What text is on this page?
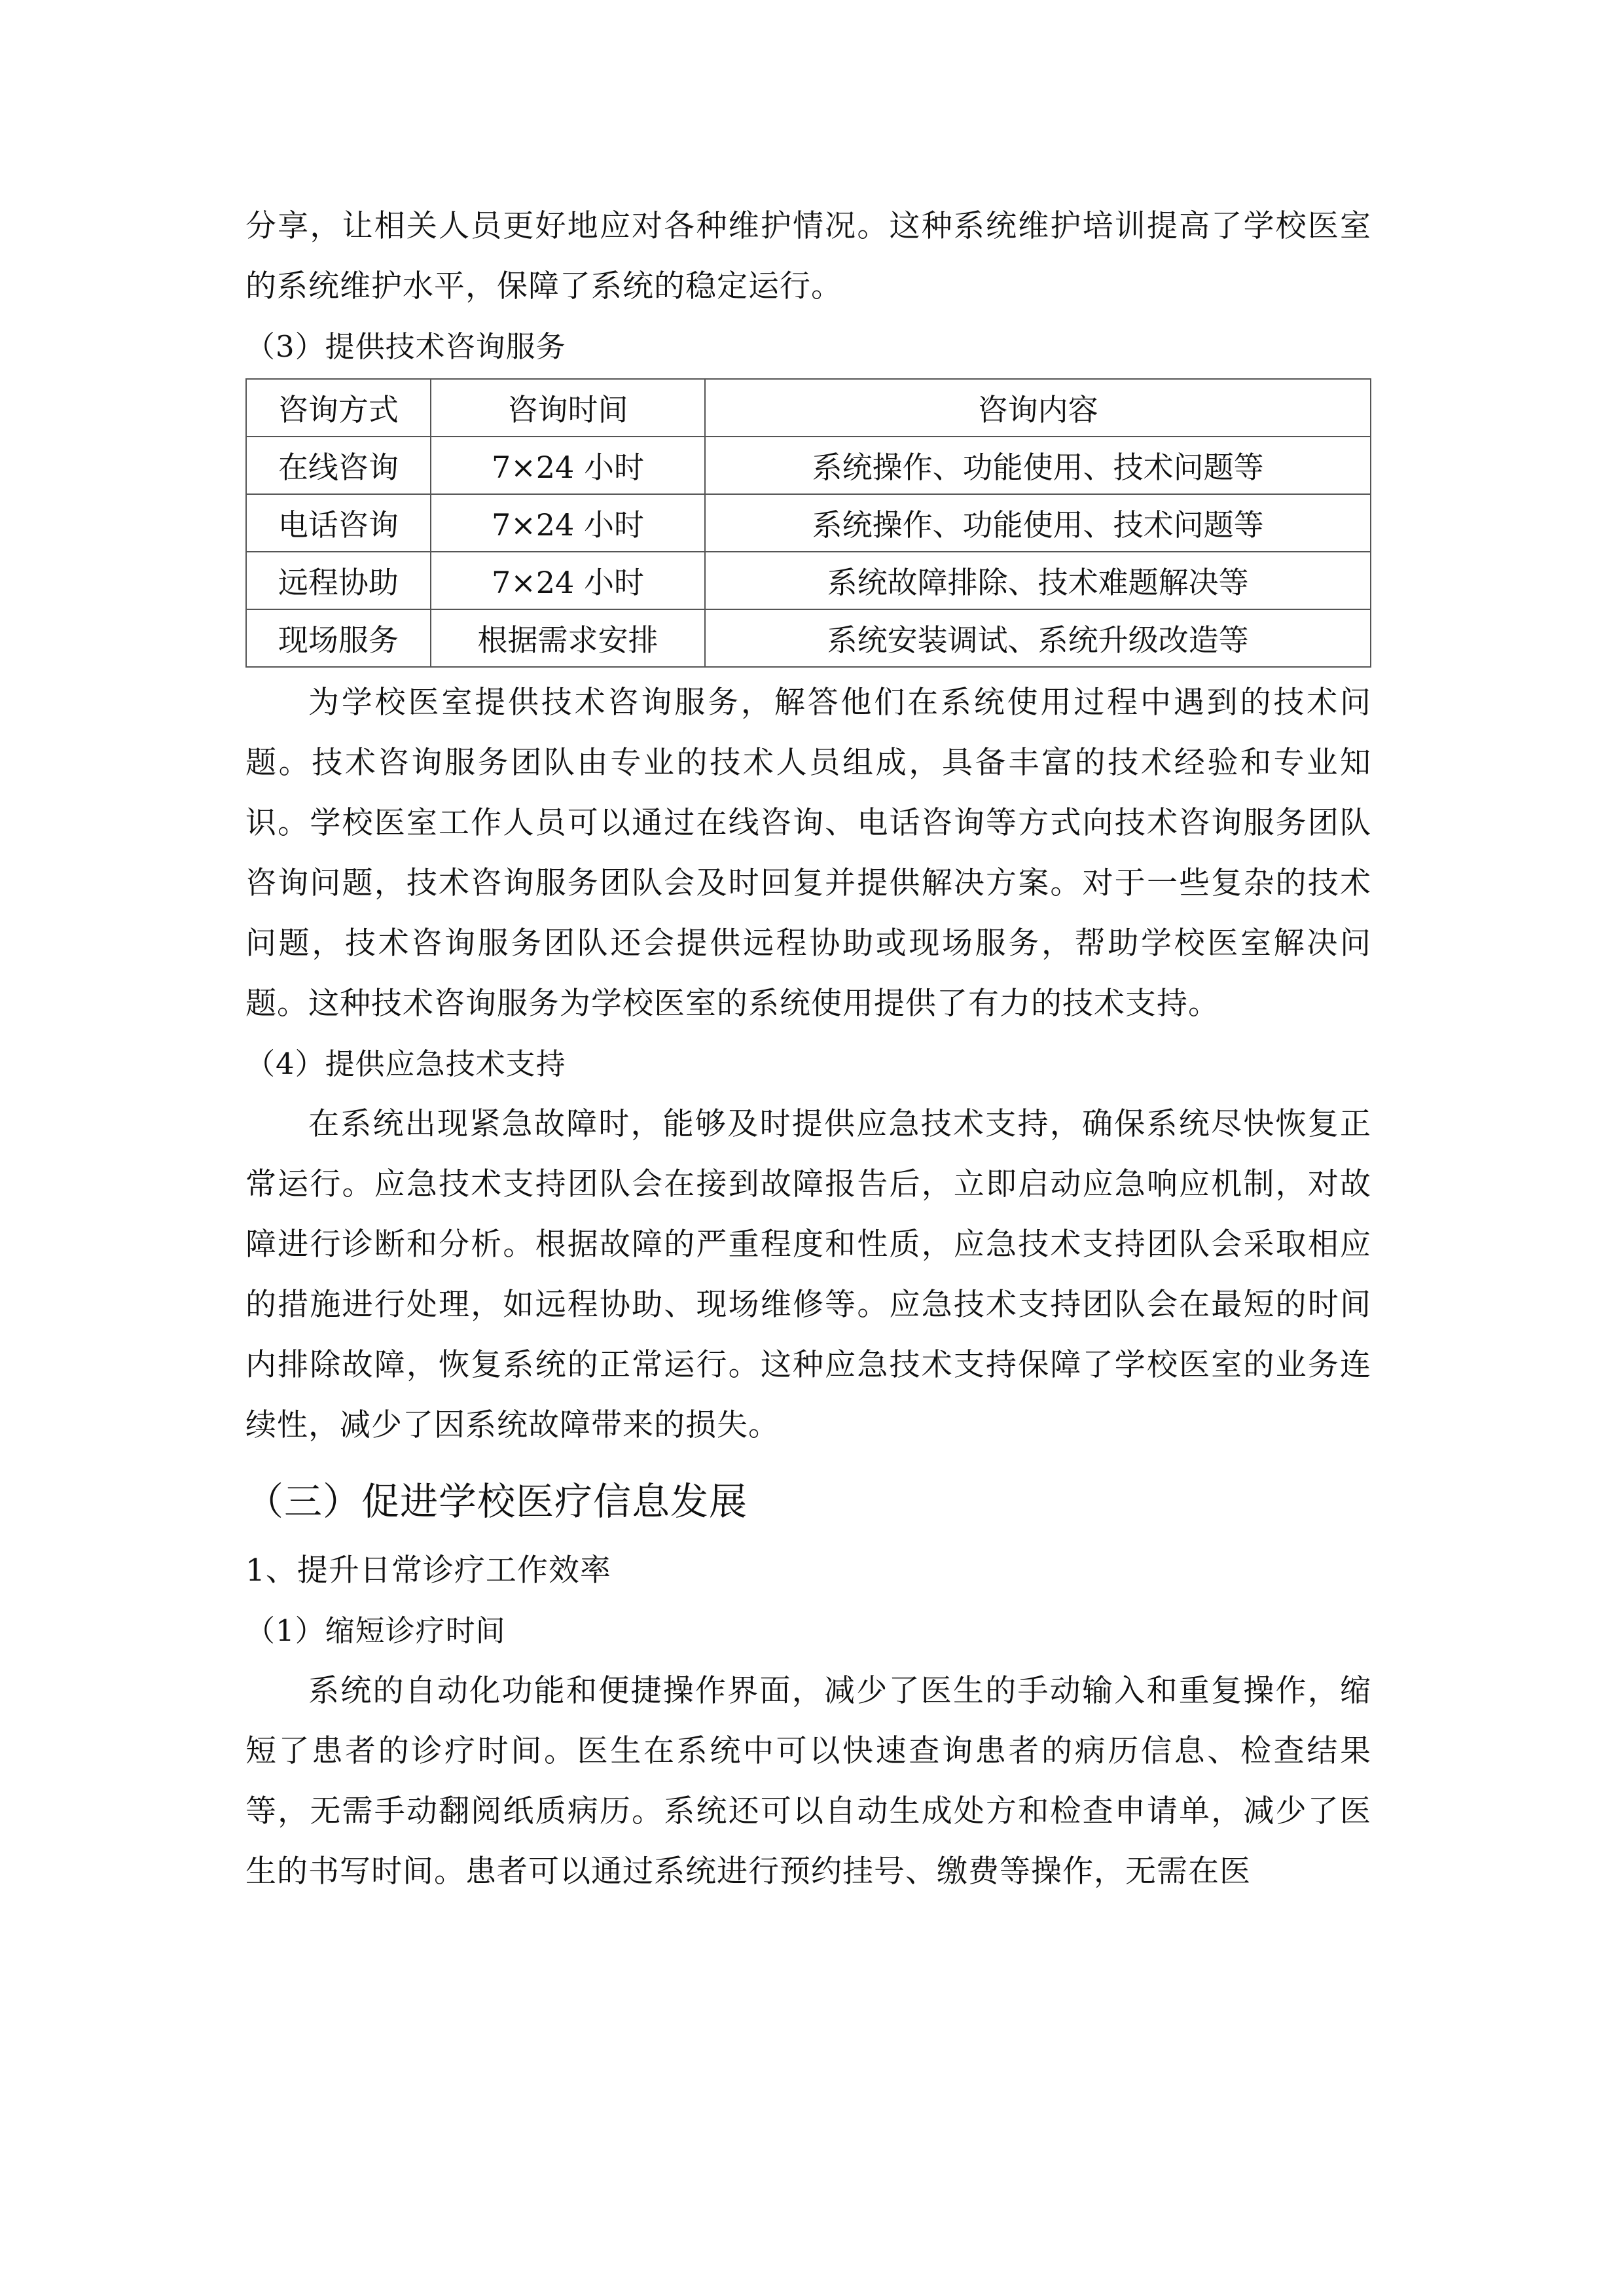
分享，让相关人员更好地应对各种维护情况。这种系统维护培训提高了学校医室的系统维护水平，保障了系统的稳定运行。

（3）提供技术咨询服务

咨询方式	咨询时间	咨询内容
在线咨询	7×24 小时	系统操作、功能使用、技术问题等
电话咨询	7×24 小时	系统操作、功能使用、技术问题等
远程协助	7×24 小时	系统故障排除、技术难题解决等
现场服务	根据需求安排	系统安装调试、系统升级改造等

为学校医室提供技术咨询服务，解答他们在系统使用过程中遇到的技术问题。技术咨询服务团队由专业的技术人员组成，具备丰富的技术经验和专业知识。学校医室工作人员可以通过在线咨询、电话咨询等方式向技术咨询服务团队咨询问题，技术咨询服务团队会及时回复并提供解决方案。对于一些复杂的技术问题，技术咨询服务团队还会提供远程协助或现场服务，帮助学校医室解决问题。这种技术咨询服务为学校医室的系统使用提供了有力的技术支持。

（4）提供应急技术支持

在系统出现紧急故障时，能够及时提供应急技术支持，确保系统尽快恢复正常运行。应急技术支持团队会在接到故障报告后，立即启动应急响应机制，对故障进行诊断和分析。根据故障的严重程度和性质，应急技术支持团队会采取相应的措施进行处理，如远程协助、现场维修等。应急技术支持团队会在最短的时间内排除故障，恢复系统的正常运行。这种应急技术支持保障了学校医室的业务连续性，减少了因系统故障带来的损失。

（三）促进学校医疗信息发展

1、提升日常诊疗工作效率

（1）缩短诊疗时间

系统的自动化功能和便捷操作界面，减少了医生的手动输入和重复操作，缩短了患者的诊疗时间。医生在系统中可以快速查询患者的病历信息、检查结果等，无需手动翻阅纸质病历。系统还可以自动生成处方和检查申请单，减少了医生的书写时间。患者可以通过系统进行预约挂号、缴费等操作，无需在医
